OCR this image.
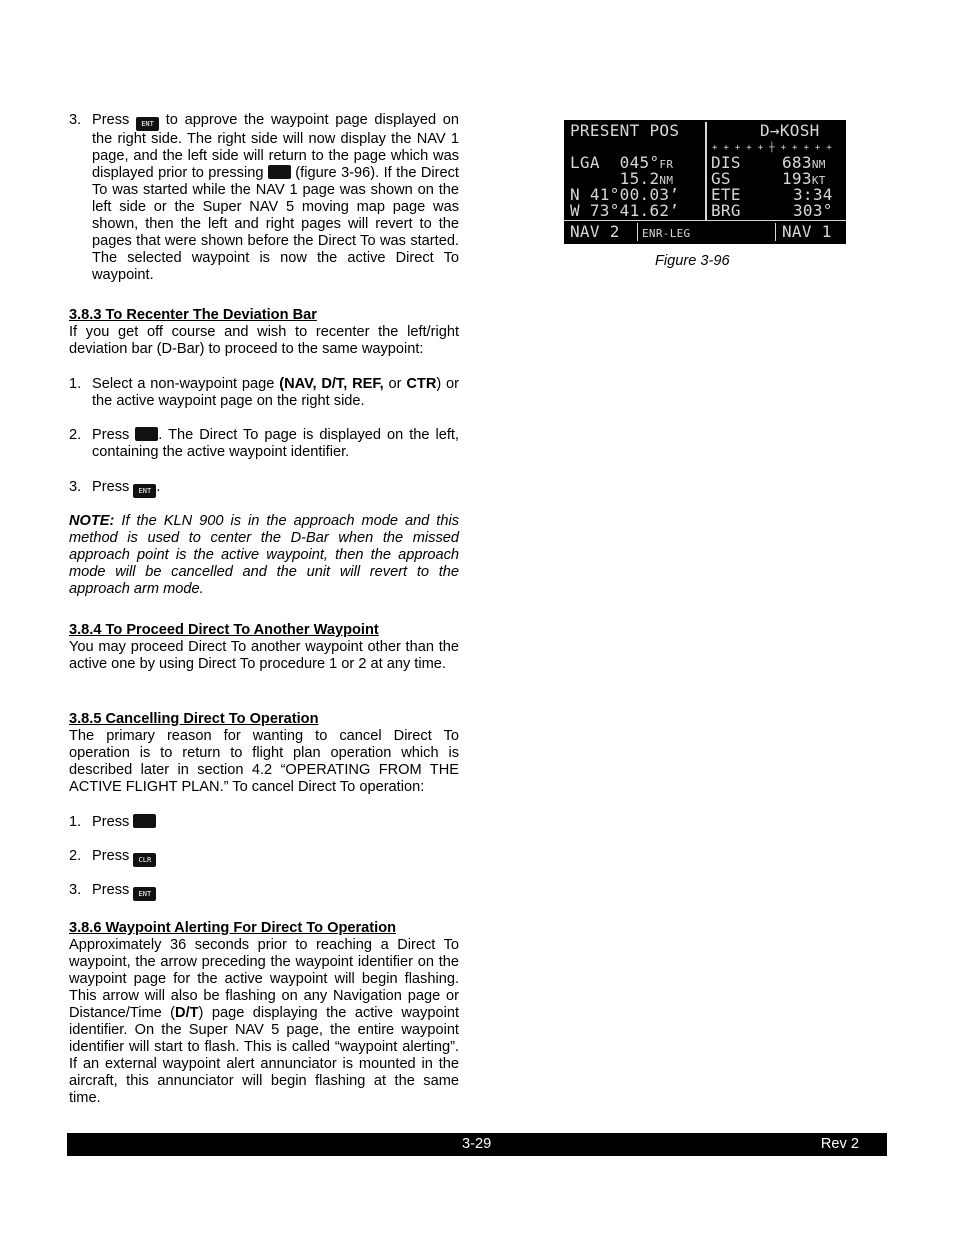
3. Press ENT to approve the waypoint page displayed on the right side. The right side will now display the NAV 1 page, and the left side will return to the page which was displayed prior to pressing (figure 3-96). If the Direct To was started while the NAV 1 page was shown on the left side or the Super NAV 5 moving map page was shown, then the left and right pages will revert to the pages that were shown before the Direct To was started. The selected waypoint is now the active Direct To waypoint.

3.8.3 To Recenter The Deviation Bar

If you get off course and wish to recenter the left/right deviation bar (D-Bar) to proceed to the same waypoint:

1. Select a non-waypoint page (NAV, D/T, REF, or CTR) or the active waypoint page on the right side.
2. Press . The Direct To page is displayed on the left, containing the active waypoint identifier.
3. Press ENT .

NOTE: If the KLN 900 is in the approach mode and this method is used to center the D-Bar when the missed approach point is the active waypoint, then the approach mode will be cancelled and the unit will revert to the approach arm mode.

3.8.4 To Proceed Direct To Another Waypoint

You may proceed Direct To another waypoint other than the active one by using Direct To procedure 1 or 2 at any time.

3.8.5 Cancelling Direct To Operation

The primary reason for wanting to cancel Direct To operation is to return to flight plan operation which is described later in section 4.2 “OPERATING FROM THE ACTIVE FLIGHT PLAN.” To cancel Direct To operation:

1. Press
2. Press CLR
3. Press ENT

3.8.6 Waypoint Alerting For Direct To Operation

Approximately 36 seconds prior to reaching a Direct To waypoint, the arrow preceding the waypoint identifier on the waypoint page for the active waypoint will begin flashing. This arrow will also be flashing on any Navigation page or Distance/Time (D/T) page displaying the active waypoint identifier. On the Super NAV 5 page, the entire waypoint identifier will start to flash. This is called “waypoint alerting”. If an external waypoint alert annunciator is mounted in the aircraft, this annunciator will begin flashing at the same time.

PRESENT POS
LGA  045°FR
15.2NM
N 41°00.03’
W 73°41.62’
NAV 2 ENR-LEG
D→KOSH
+ + + + + ┼ + + + + +
DIS	683NM
GS	193KT
ETE	3:34
BRG	303°
NAV 1
Figure 3-96
3-29	Rev 2
